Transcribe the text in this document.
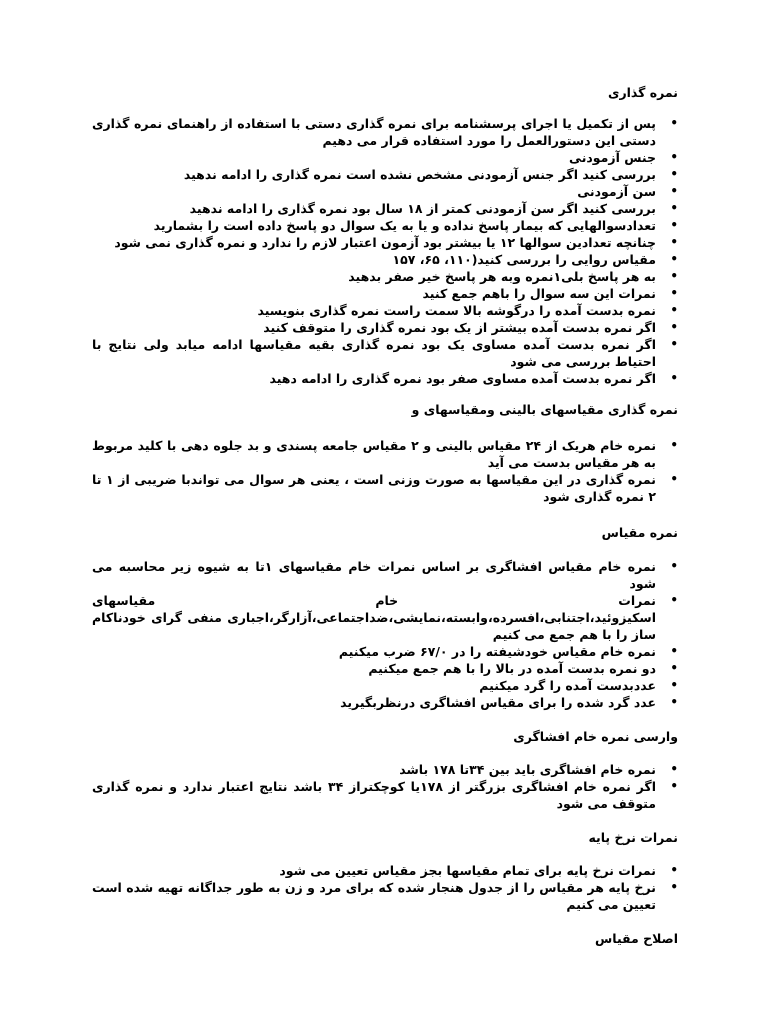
نمره گذاری
• پس از تکمیل یا اجرای پرسشنامه برای نمره گذاری دستی با استفاده از راهنمای نمره گذاری دستی این دستورالعمل را مورد استفاده قرار می دهیم
• جنس آزمودنی
• بررسی کنید اگر جنس آزمودنی مشخص نشده است نمره گذاری را ادامه ندهید
• سن آزمودنی
• بررسی کنید اگر سن آزمودنی کمتر از ۱۸ سال بود نمره گذاری را ادامه ندهید
• تعدادسوالهایی که بیمار پاسخ نداده و یا به یک سوال دو پاسخ داده است را بشمارید
• چنانچه تعدادین سوالها ۱۲ یا بیشتر بود آزمون اعتبار لازم را ندارد و نمره گذاری نمی شود
• مقیاس روایی را بررسی کنید(۱۱۰، ۶۵، ۱۵۷
• به هر پاسخ بلی۱نمره وبه هر پاسخ خیر صفر بدهید
• نمرات این سه سوال را باهم جمع کنید
• نمره بدست آمده را درگوشه بالا سمت راست نمره گذاری بنویسید
• اگر نمره بدست آمده بیشتر از یک بود نمره گذاری را متوقف کنید
• اگر نمره بدست آمده مساوی یک بود نمره گذاری بقیه مقیاسها ادامه میابد ولی نتایج با احتیاط بررسی می شود
• اگر نمره بدست آمده مساوی صفر بود نمره گذاری را ادامه دهید
نمره گذاری مقیاسهای بالینی ومقیاسهای و
• نمره خام هریک از ۲۴ مقیاس بالینی و ۲ مقیاس جامعه پسندی و بد جلوه دهی با کلید مربوط به هر مقیاس بدست می آید
• نمره گذاری در این مقیاسها به صورت وزنی است ، یعنی هر سوال می تواندبا ضریبی از ۱ تا ۲ نمره گذاری شود
نمره مقیاس
• نمره خام مقیاس افشاگری بر اساس نمرات خام مقیاسهای ۱تا به شیوه زیر محاسبه می شود
• نمرات خام مقیاسهای اسکیزوئید،اجتنابی،افسرده،وابسته،نمایشی،ضداجتماعی،آزارگر،اجباری منفی گرای خودناکام ساز را با هم جمع می کنیم
• نمره خام مقیاس خودشیفته را در ۶۷/۰ ضرب میکنیم
• دو نمره بدست آمده در بالا را با هم جمع میکنیم
• عددبدست آمده را گرد میکنیم
• عدد گرد شده را برای مقیاس افشاگری درنظربگیرید
وارسی نمره خام افشاگری
• نمره خام افشاگری باید بین ۳۴تا ۱۷۸ باشد
• اگر نمره خام افشاگری بزرگتر از ۱۷۸یا کوچکتراز ۳۴ باشد نتایج اعتبار ندارد و نمره گذاری متوقف می شود
نمرات نرخ پایه
• نمرات نرخ پایه برای تمام مقیاسها بجز مقیاس تعیین می شود
• نرخ پایه هر مقیاس را از جدول هنجار شده که برای مرد و زن به طور جداگانه تهیه شده است تعیین می کنیم
اصلاح مقیاس
